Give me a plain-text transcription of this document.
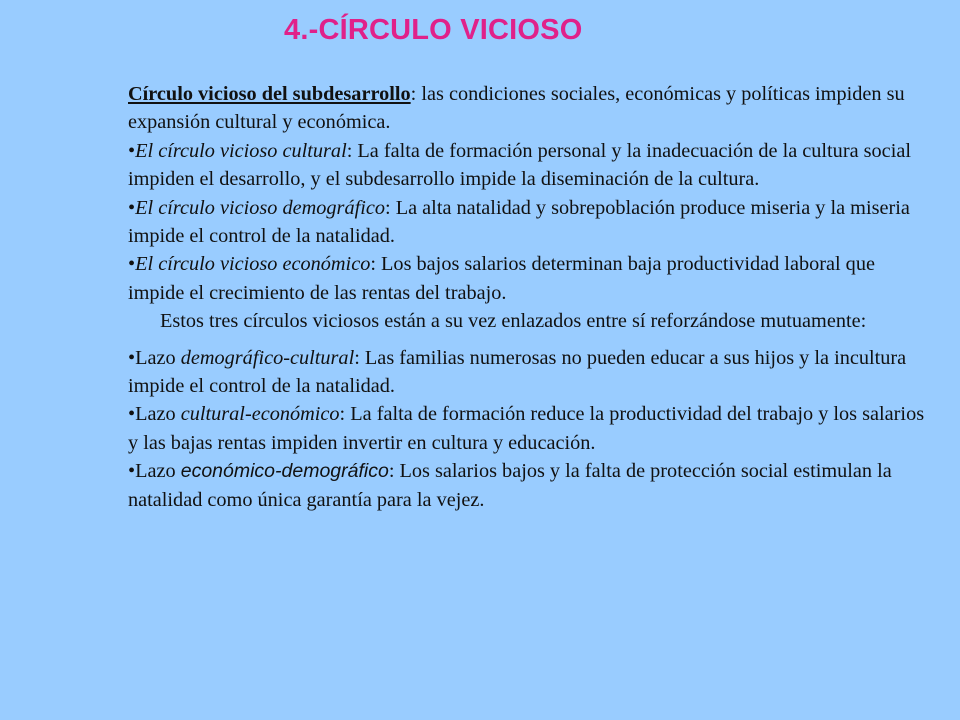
4.-CÍRCULO VICIOSO

Círculo vicioso del subdesarrollo: las condiciones sociales, económicas y políticas impiden su expansión cultural y económica.

•El círculo vicioso cultural: La falta de formación personal y la inadecuación de la cultura social impiden el desarrollo, y el subdesarrollo impide la diseminación de la cultura.

•El círculo vicioso demográfico: La alta natalidad y sobrepoblación produce miseria y la miseria impide el control de la natalidad.

•El círculo vicioso económico: Los bajos salarios determinan baja productividad laboral que impide el crecimiento de las rentas del trabajo.

Estos tres círculos viciosos están a su vez enlazados entre sí reforzándose mutuamente:

•Lazo demográfico-cultural: Las familias numerosas no pueden educar a sus hijos y la incultura impide el control de la natalidad.

•Lazo cultural-económico: La falta de formación reduce la productividad del trabajo y los salarios y las bajas rentas impiden invertir en cultura y educación.

•Lazo económico-demográfico: Los salarios bajos y la falta de protección social estimulan la natalidad como única garantía para la vejez.
